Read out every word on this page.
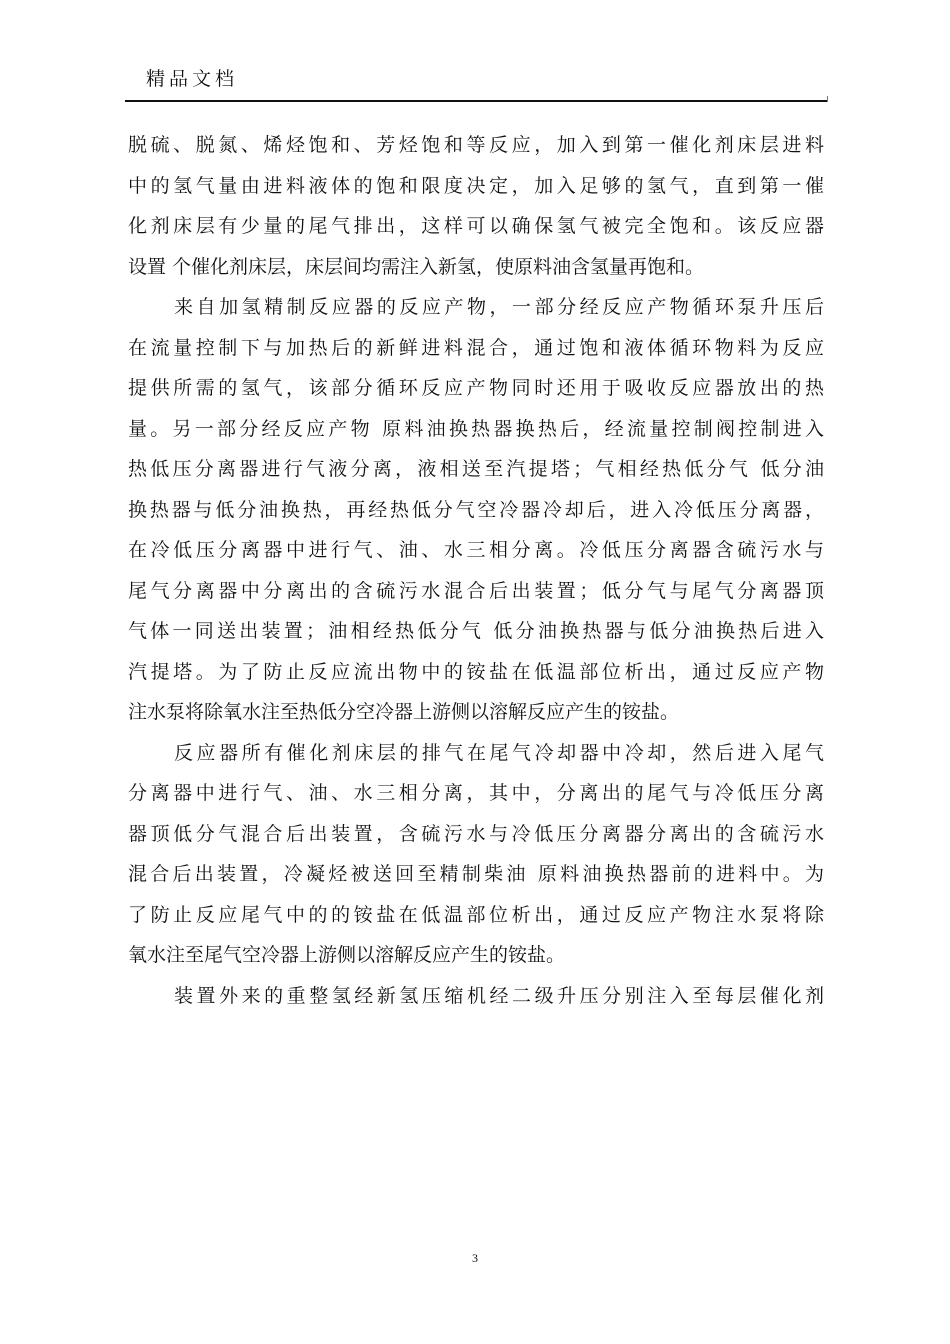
精品文档
脱硫、脱氮、烯烃饱和、芳烃饱和等反应，加入到第一催化剂床层进料
中的氢气量由进料液体的饱和限度决定，加入足够的氢气，直到第一催
化剂床层有少量的尾气排出，这样可以确保氢气被完全饱和。该反应器
设置 个催化剂床层，床层间均需注入新氢，使原料油含氢量再饱和。
来自加氢精制反应器的反应产物，一部分经反应产物循环泵升压后
在流量控制下与加热后的新鲜进料混合，通过饱和液体循环物料为反应
提供所需的氢气，该部分循环反应产物同时还用于吸收反应器放出的热
量。另一部分经反应产物 原料油换热器换热后，经流量控制阀控制进入
热低压分离器进行气液分离，液相送至汽提塔；气相经热低分气 低分油
换热器与低分油换热，再经热低分气空冷器冷却后，进入冷低压分离器，
在冷低压分离器中进行气、油、水三相分离。冷低压分离器含硫污水与
尾气分离器中分离出的含硫污水混合后出装置；低分气与尾气分离器顶
气体一同送出装置；油相经热低分气 低分油换热器与低分油换热后进入
汽提塔。为了防止反应流出物中的铵盐在低温部位析出，通过反应产物
注水泵将除氧水注至热低分空冷器上游侧以溶解反应产生的铵盐。
反应器所有催化剂床层的排气在尾气冷却器中冷却，然后进入尾气
分离器中进行气、油、水三相分离，其中，分离出的尾气与冷低压分离
器顶低分气混合后出装置，含硫污水与冷低压分离器分离出的含硫污水
混合后出装置，冷凝烃被送回至精制柴油 原料油换热器前的进料中。为
了防止反应尾气中的的铵盐在低温部位析出，通过反应产物注水泵将除
氧水注至尾气空冷器上游侧以溶解反应产生的铵盐。
装置外来的重整氢经新氢压缩机经二级升压分别注入至每层催化剂
3
